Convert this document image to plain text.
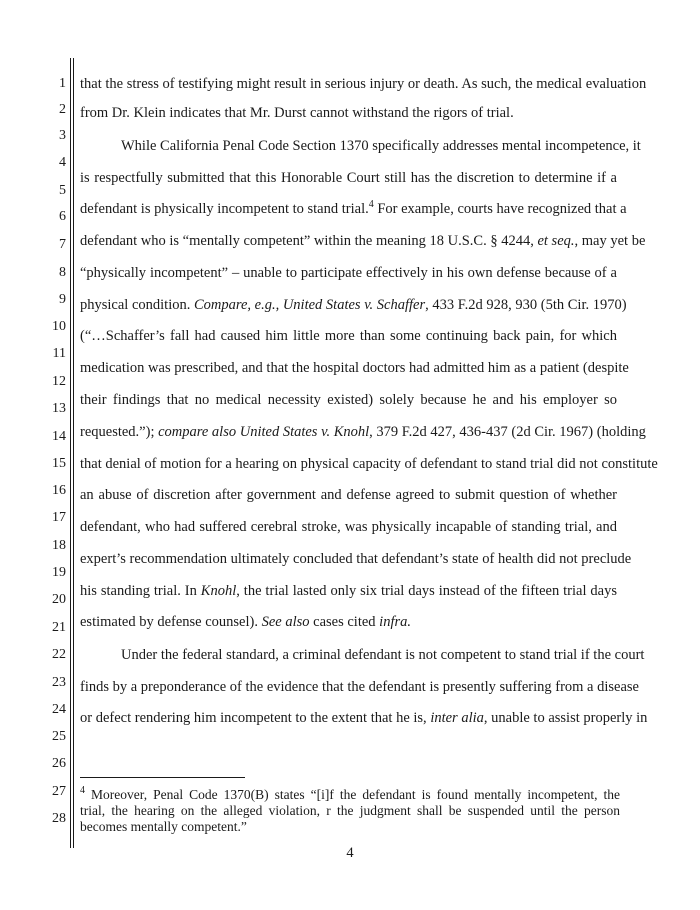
1
2
3
4
5
6
7
8
9
10
11
12
13
14
15
16
17
18
19
20
21
22
23
24
25
26
27
28
that the stress of testifying might result in serious injury or death. As such, the medical evaluation
from Dr. Klein indicates that Mr. Durst cannot withstand the rigors of trial.
While California Penal Code Section 1370 specifically addresses mental incompetence, it
is respectfully submitted that this Honorable Court still has the discretion to determine if a
defendant is physically incompetent to stand trial.$^4$ For example, courts have recognized that a
defendant who is “mentally competent” within the meaning 18 U.S.C. § 4244, et seq., may yet be
“physically incompetent” – unable to participate effectively in his own defense because of a
physical condition. Compare, e.g., United States v. Schaffer, 433 F.2d 928, 930 (5th Cir. 1970)
(“…Schaffer’s fall had caused him little more than some continuing back pain, for which
medication was prescribed, and that the hospital doctors had admitted him as a patient (despite
their findings that no medical necessity existed) solely because he and his employer so
requested.”); compare also United States v. Knohl, 379 F.2d 427, 436-437 (2d Cir. 1967) (holding
that denial of motion for a hearing on physical capacity of defendant to stand trial did not constitute
an abuse of discretion after government and defense agreed to submit question of whether
defendant, who had suffered cerebral stroke, was physically incapable of standing trial, and
expert’s recommendation ultimately concluded that defendant’s state of health did not preclude
his standing trial. In Knohl, the trial lasted only six trial days instead of the fifteen trial days
estimated by defense counsel). See also cases cited infra.
Under the federal standard, a criminal defendant is not competent to stand trial if the court
finds by a preponderance of the evidence that the defendant is presently suffering from a disease
or defect rendering him incompetent to the extent that he is, inter alia, unable to assist properly in
$^4$ Moreover, Penal Code 1370(B) states “[i]f the defendant is found mentally incompetent, the
trial, the hearing on the alleged violation, r the judgment shall be suspended until the person
becomes mentally competent.”
4
